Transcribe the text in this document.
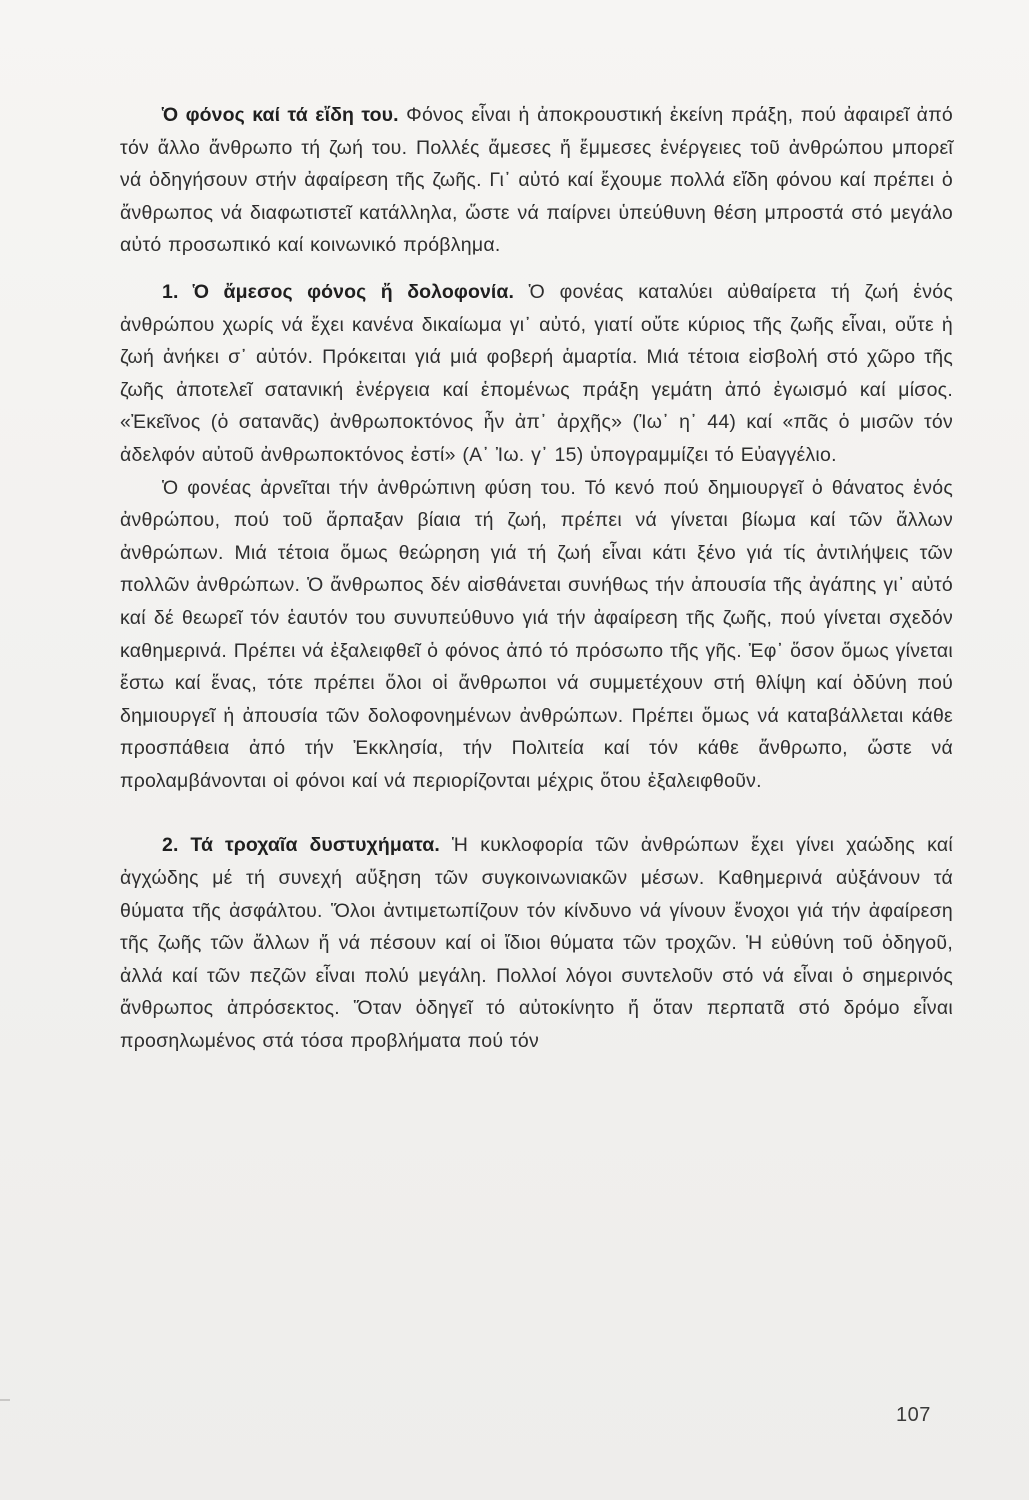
Ὁ φόνος καί τά εἴδη του. Φόνος εἶναι ἡ ἀποκρουστική ἐκείνη πράξη, πού ἀφαιρεῖ ἀπό τόν ἄλλο ἄνθρωπο τή ζωή του. Πολλές ἄμεσες ἤ ἔμμεσες ἐνέργειες τοῦ ἀνθρώπου μπορεῖ νά ὁδηγήσουν στήν ἀφαίρεση τῆς ζωῆς. Γι᾿ αὐτό καί ἔχουμε πολλά εἴδη φόνου καί πρέπει ὁ ἄνθρωπος νά διαφωτιστεῖ κατάλληλα, ὥστε νά παίρνει ὑπεύθυνη θέση μπροστά στό μεγάλο αὐτό προσωπικό καί κοινωνικό πρόβλημα.

1. Ὁ ἄμεσος φόνος ἤ δολοφονία. Ὁ φονέας καταλύει αὐθαίρετα τή ζωή ἑνός ἀνθρώπου χωρίς νά ἔχει κανένα δικαίωμα γι᾿ αὐτό, γιατί οὔτε κύριος τῆς ζωῆς εἶναι, οὔτε ἡ ζωή ἀνήκει σ᾿ αὐτόν. Πρόκειται γιά μιά φοβερή ἁμαρτία. Μιά τέτοια εἰσβολή στό χῶρο τῆς ζωῆς ἀποτελεῖ σατανική ἐνέργεια καί ἑπομένως πράξη γεμάτη ἀπό ἐγωισμό καί μίσος. «Ἐκεῖνος (ὁ σατανᾶς) ἀνθρωποκτόνος ἦν ἀπ᾿ ἀρχῆς» (Ἰω᾿ η᾿ 44) καί «πᾶς ὁ μισῶν τόν ἀδελφόν αὐτοῦ ἀνθρωποκτόνος ἐστί» (Α᾿ Ἰω. γ᾿ 15) ὑπογραμμίζει τό Εὐαγγέλιο.

Ὁ φονέας ἀρνεῖται τήν ἀνθρώπινη φύση του. Τό κενό πού δημιουργεῖ ὁ θάνατος ἑνός ἀνθρώπου, πού τοῦ ἅρπαξαν βίαια τή ζωή, πρέπει νά γίνεται βίωμα καί τῶν ἄλλων ἀνθρώπων. Μιά τέτοια ὅμως θεώρηση γιά τή ζωή εἶναι κάτι ξένο γιά τίς ἀντιλήψεις τῶν πολλῶν ἀνθρώπων. Ὁ ἄνθρωπος δέν αἰσθάνεται συνήθως τήν ἀπουσία τῆς ἀγάπης γι᾿ αὐτό καί δέ θεωρεῖ τόν ἑαυτόν του συνυπεύθυνο γιά τήν ἀφαίρεση τῆς ζωῆς, πού γίνεται σχεδόν καθημερινά. Πρέπει νά ἐξαλειφθεῖ ὁ φόνος ἀπό τό πρόσωπο τῆς γῆς. Ἐφ᾿ ὅσον ὅμως γίνεται ἔστω καί ἕνας, τότε πρέπει ὅλοι οἱ ἄνθρωποι νά συμμετέχουν στή θλίψη καί ὀδύνη πού δημιουργεῖ ἡ ἀπουσία τῶν δολοφονημένων ἀνθρώπων. Πρέπει ὅμως νά καταβάλλεται κάθε προσπάθεια ἀπό τήν Ἐκκλησία, τήν Πολιτεία καί τόν κάθε ἄνθρωπο, ὥστε νά προλαμβάνονται οἱ φόνοι καί νά περιορίζονται μέχρις ὅτου ἐξαλειφθοῦν.

2. Τά τροχαῖα δυστυχήματα. Ἡ κυκλοφορία τῶν ἀνθρώπων ἔχει γίνει χαώδης καί ἀγχώδης μέ τή συνεχή αὔξηση τῶν συγκοινωνιακῶν μέσων. Καθημερινά αὐξάνουν τά θύματα τῆς ἀσφάλτου. Ὅλοι ἀντιμετωπίζουν τόν κίνδυνο νά γίνουν ἔνοχοι γιά τήν ἀφαίρεση τῆς ζωῆς τῶν ἄλλων ἤ νά πέσουν καί οἱ ἴδιοι θύματα τῶν τροχῶν. Ἡ εὐθύνη τοῦ ὁδηγοῦ, ἀλλά καί τῶν πεζῶν εἶναι πολύ μεγάλη. Πολλοί λόγοι συντελοῦν στό νά εἶναι ὁ σημερινός ἄνθρωπος ἀπρόσεκτος. Ὅταν ὁδηγεῖ τό αὐτοκίνητο ἤ ὅταν περπατᾶ στό δρόμο εἶναι προσηλωμένος στά τόσα προβλήματα πού τόν

107
